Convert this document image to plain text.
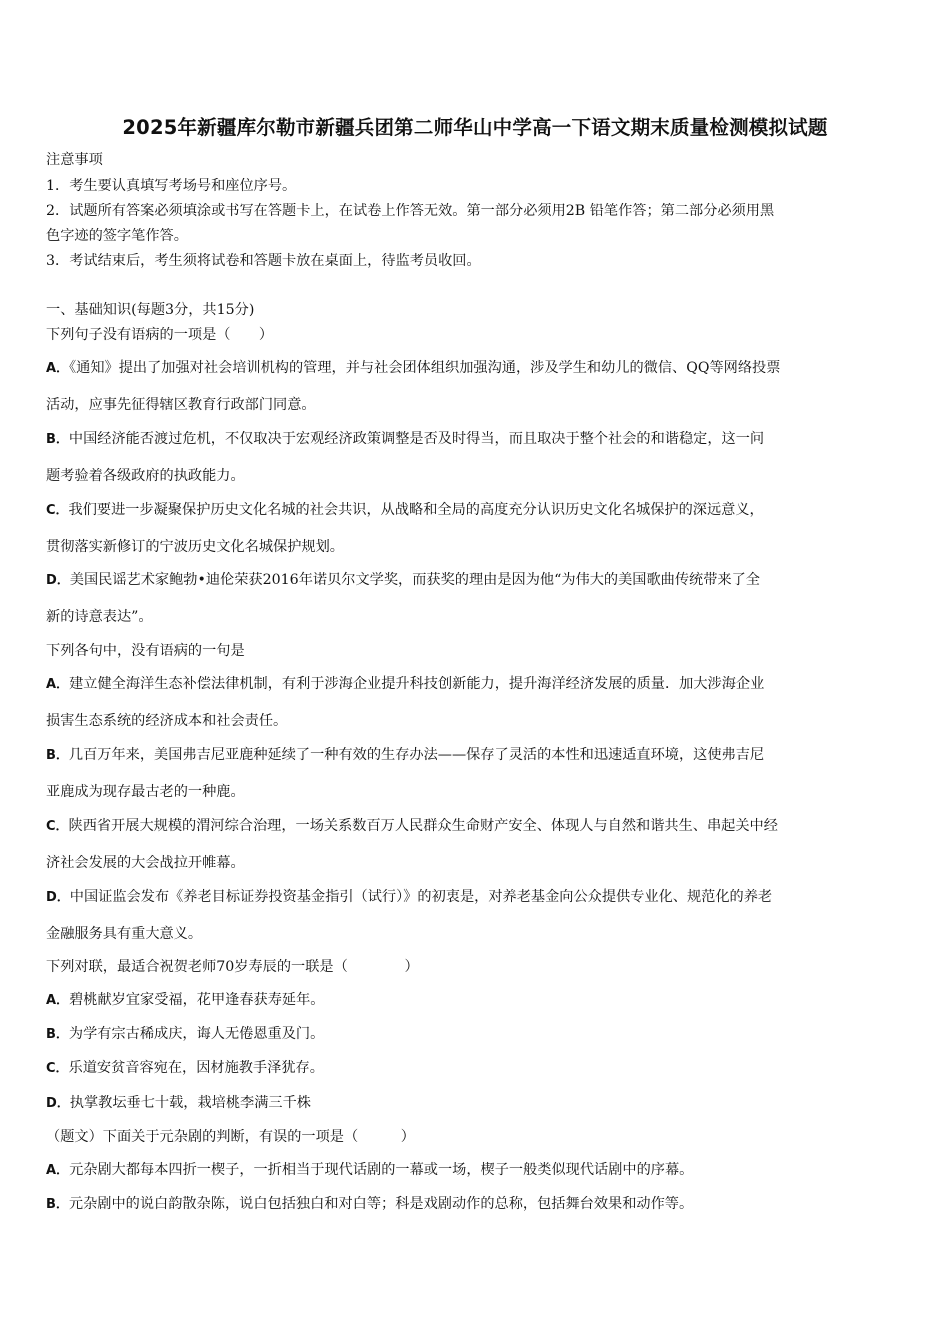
2025年新疆库尔勒市新疆兵团第二师华山中学高一下语文期末质量检测模拟试题
注意事项
1．考生要认真填写考场号和座位序号。
2．试题所有答案必须填涂或书写在答题卡上，在试卷上作答无效。第一部分必须用2B 铅笔作答；第二部分必须用黑
色字迹的签字笔作答。
3．考试结束后，考生须将试卷和答题卡放在桌面上，待监考员收回。
一、基础知识(每题3分，共15分)
下列句子没有语病的一项是（　　）
A．《通知》提出了加强对社会培训机构的管理，并与社会团体组织加强沟通，涉及学生和幼儿的微信、QQ等网络投票
活动，应事先征得辖区教育行政部门同意。
B．中国经济能否渡过危机，不仅取决于宏观经济政策调整是否及时得当，而且取决于整个社会的和谐稳定，这一问
题考验着各级政府的执政能力。
C．我们要进一步凝聚保护历史文化名城的社会共识，从战略和全局的高度充分认识历史文化名城保护的深远意义，
贯彻落实新修订的宁波历史文化名城保护规划。
D．美国民谣艺术家鲍勃•迪伦荣获2016年诺贝尔文学奖，而获奖的理由是因为他“为伟大的美国歌曲传统带来了全
新的诗意表达”。
下列各句中，没有语病的一句是
A．建立健全海洋生态补偿法律机制，有利于涉海企业提升科技创新能力，提升海洋经济发展的质量．加大涉海企业
损害生态系统的经济成本和社会责任。
B．几百万年来，美国弗吉尼亚鹿种延续了一种有效的生存办法——保存了灵活的本性和迅速适直环境，这使弗吉尼
亚鹿成为现存最古老的一种鹿。
C．陕西省开展大规模的渭河综合治理，一场关系数百万人民群众生命财产安全、体现人与自然和谐共生、串起关中经
济社会发展的大会战拉开帷幕。
D．中国证监会发布《养老目标证券投资基金指引（试行）》的初衷是，对养老基金向公众提供专业化、规范化的养老
金融服务具有重大意义。
下列对联，最适合祝贺老师70岁寿辰的一联是（　　　　）
A．碧桃献岁宜家受福，花甲逢春获寿延年。
B．为学有宗古稀成庆，诲人无倦恩重及门。
C．乐道安贫音容宛在，因材施教手泽犹存。
D．执掌教坛垂七十载，栽培桃李满三千株
（题文）下面关于元杂剧的判断，有误的一项是（　　　）
A．元杂剧大都每本四折一楔子，一折相当于现代话剧的一幕或一场，楔子一般类似现代话剧中的序幕。
B．元杂剧中的说白韵散杂陈，说白包括独白和对白等；科是戏剧动作的总称，包括舞台效果和动作等。
